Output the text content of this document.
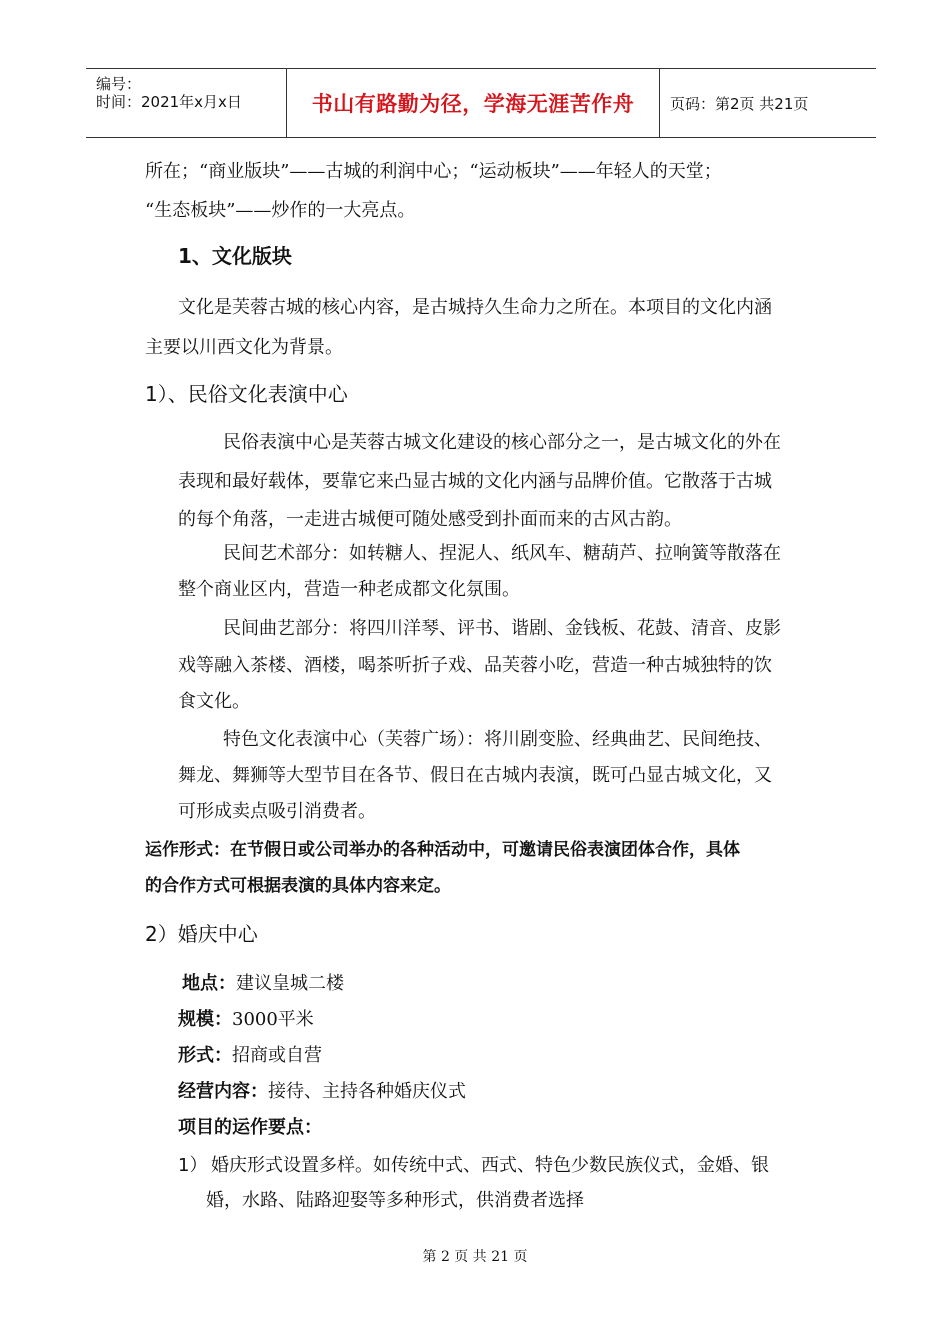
编号：
时间：2021年x月x日	书山有路勤为径，学海无涯苦作舟	页码：第2页 共21页
所在；“商业版块”——古城的利润中心；“运动板块”——年轻人的天堂；
“生态板块”——炒作的一大亮点。
1、文化版块
文化是芙蓉古城的核心内容，是古城持久生命力之所在。本项目的文化内涵
主要以川西文化为背景。
1）、民俗文化表演中心
民俗表演中心是芙蓉古城文化建设的核心部分之一，是古城文化的外在
表现和最好载体，要靠它来凸显古城的文化内涵与品牌价值。它散落于古城
的每个角落，一走进古城便可随处感受到扑面而来的古风古韵。
民间艺术部分：如转糖人、捏泥人、纸风车、糖葫芦、拉响簧等散落在
整个商业区内，营造一种老成都文化氛围。
民间曲艺部分：将四川洋琴、评书、谐剧、金钱板、花鼓、清音、皮影
戏等融入茶楼、酒楼，喝茶听折子戏、品芙蓉小吃，营造一种古城独特的饮
食文化。
特色文化表演中心（芙蓉广场）：将川剧变脸、经典曲艺、民间绝技、
舞龙、舞狮等大型节目在各节、假日在古城内表演，既可凸显古城文化，又
可形成卖点吸引消费者。
运作形式：在节假日或公司举办的各种活动中，可邀请民俗表演团体合作，具体
的合作方式可根据表演的具体内容来定。
2）婚庆中心
地点：建议皇城二楼
规模：3000平米
形式：招商或自营
经营内容：接待、主持各种婚庆仪式
项目的运作要点：
1） 婚庆形式设置多样。如传统中式、西式、特色少数民族仪式，金婚、银
婚，水路、陆路迎娶等多种形式，供消费者选择
第 2 页 共 21 页
